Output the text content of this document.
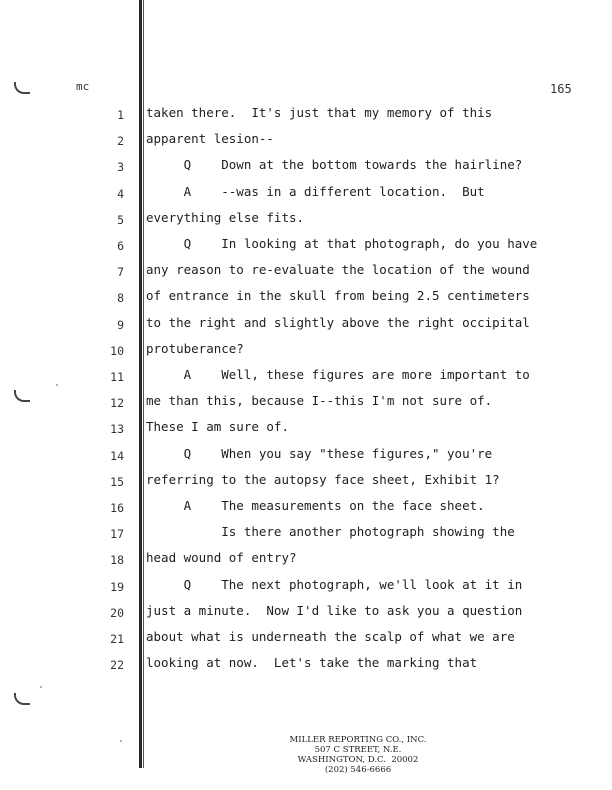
mc	165
1 taken there.  It's just that my memory of this
2 apparent lesion--
3 Q    Down at the bottom towards the hairline?
4 A    --was in a different location.  But
5 everything else fits.
6 Q    In looking at that photograph, do you have
7 any reason to re-evaluate the location of the wound
8 of entrance in the skull from being 2.5 centimeters
9 to the right and slightly above the right occipital
10 protuberance?
11 A    Well, these figures are more important to
12 me than this, because I--this I'm not sure of.
13 These I am sure of.
14 Q    When you say "these figures," you're
15 referring to the autopsy face sheet, Exhibit 1?
16 A    The measurements on the face sheet.
17 Is there another photograph showing the
18 head wound of entry?
19 Q    The next photograph, we'll look at it in
20 just a minute.  Now I'd like to ask you a question
21 about what is underneath the scalp of what we are
22 looking at now.  Let's take the marking that
MILLER REPORTING CO., INC.
507 C STREET, N.E.
WASHINGTON, D.C.  20002
(202) 546-6666
